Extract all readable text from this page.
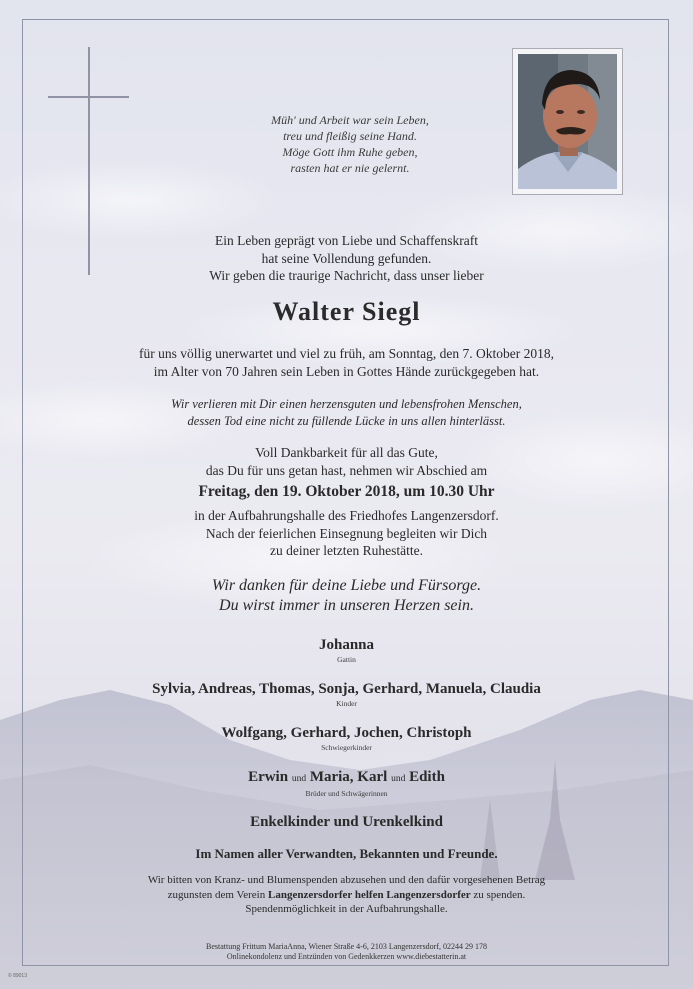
Müh' und Arbeit war sein Leben,
treu und fleißig seine Hand.
Möge Gott ihm Ruhe geben,
rasten hat er nie gelernt.
Ein Leben geprägt von Liebe und Schaffenskraft
hat seine Vollendung gefunden.
Wir geben die traurige Nachricht, dass unser lieber
Walter Siegl
für uns völlig unerwartet und viel zu früh, am Sonntag, den 7. Oktober 2018,
im Alter von 70 Jahren sein Leben in Gottes Hände zurückgegeben hat.
Wir verlieren mit Dir einen herzensguten und lebensfrohen Menschen,
dessen Tod eine nicht zu füllende Lücke in uns allen hinterlässt.
Voll Dankbarkeit für all das Gute,
das Du für uns getan hast, nehmen wir Abschied am
Freitag, den 19. Oktober 2018, um 10.30 Uhr
in der Aufbahrungshalle des Friedhofes Langenzersdorf.
Nach der feierlichen Einsegnung begleiten wir Dich
zu deiner letzten Ruhestätte.
Wir danken für deine Liebe und Fürsorge.
Du wirst immer in unseren Herzen sein.
Johanna
Gattin
Sylvia, Andreas, Thomas, Sonja, Gerhard, Manuela, Claudia
Kinder
Wolfgang, Gerhard, Jochen, Christoph
Schwiegerkinder
Erwin und Maria, Karl und Edith
Brüder und Schwägerinnen
Enkelkinder und Urenkelkind
Im Namen aller Verwandten, Bekannten und Freunde.
Wir bitten von Kranz- und Blumenspenden abzusehen und den dafür vorgesehenen Betrag
zugunsten dem Verein Langenzersdorfer helfen Langenzersdorfer zu spenden.
Spendenmöglichkeit in der Aufbahrungshalle.
Bestattung Frittum MariaAnna, Wiener Straße 4-6, 2103 Langenzersdorf, 02244 29 178
Onlinekondolenz und Entzünden von Gedenkkerzen www.diebestatterin.at
© 89013
